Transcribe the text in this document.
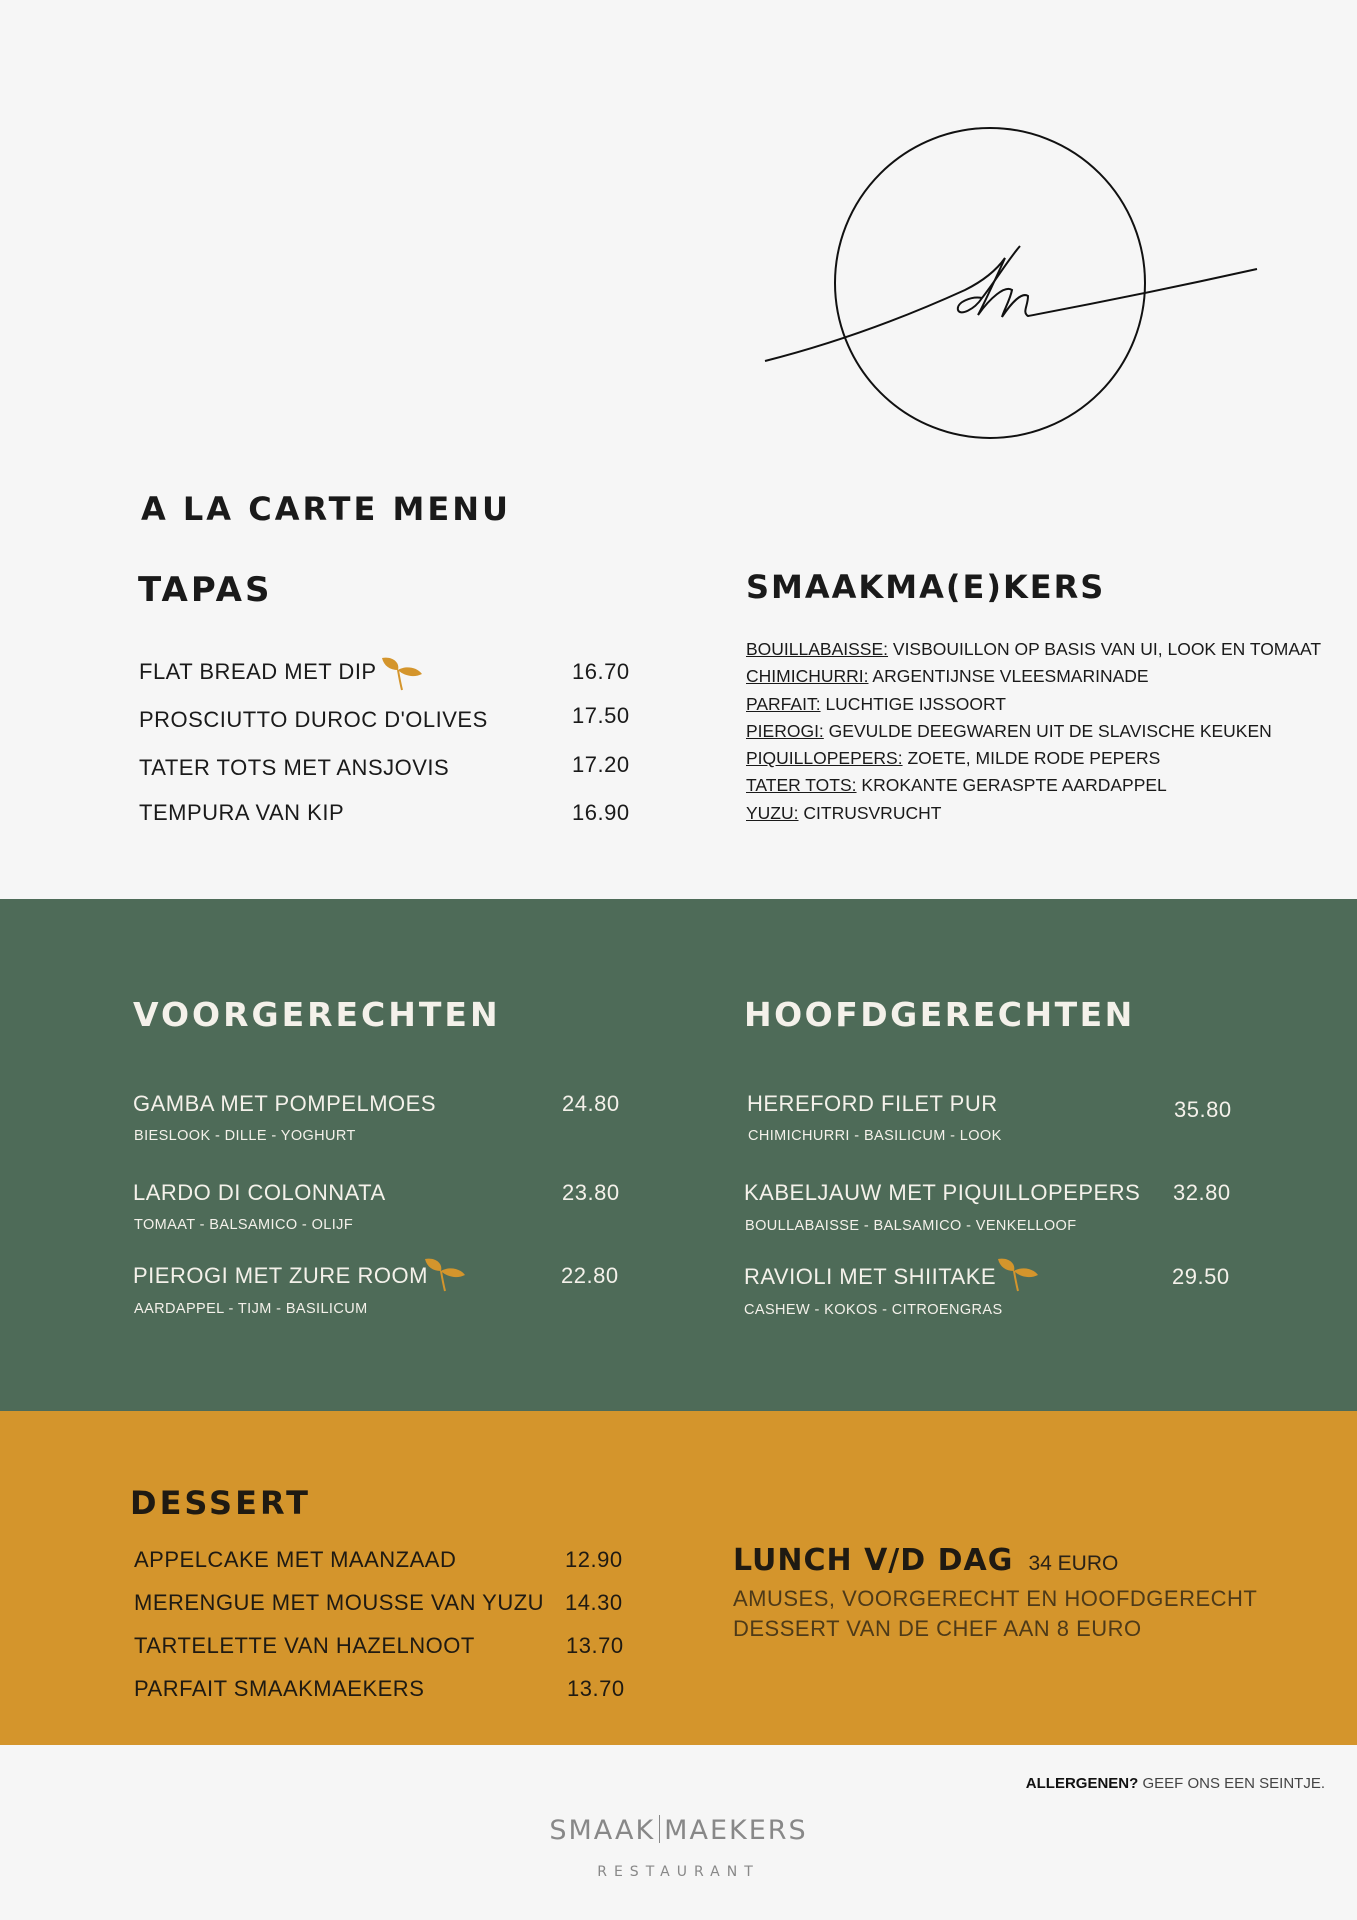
A LA CARTE MENU
TAPAS
FLAT BREAD MET DIP	16.70
PROSCIUTTO DUROC D'OLIVES	17.50
TATER TOTS MET ANSJOVIS	17.20
TEMPURA VAN KIP	16.90
SMAAKMA(E)KERS
BOUILLABAISSE: VISBOUILLON OP BASIS VAN UI, LOOK EN TOMAAT
CHIMICHURRI: ARGENTIJNSE VLEESMARINADE
PARFAIT: LUCHTIGE IJSSOORT
PIEROGI: GEVULDE DEEGWAREN UIT DE SLAVISCHE KEUKEN
PIQUILLOPEPERS: ZOETE, MILDE RODE PEPERS
TATER TOTS: KROKANTE GERASPTE AARDAPPEL
YUZU: CITRUSVRUCHT
VOORGERECHTEN	HOOFDGERECHTEN
GAMBA MET POMPELMOES
BIESLOOK - DILLE - YOGHURT
24.80
LARDO DI COLONNATA
TOMAAT - BALSAMICO - OLIJF
23.80
PIEROGI MET ZURE ROOM
AARDAPPEL - TIJM - BASILICUM
22.80
HEREFORD FILET PUR
CHIMICHURRI - BASILICUM - LOOK
35.80
KABELJAUW MET PIQUILLOPEPERS
BOULLABAISSE - BALSAMICO - VENKELLOOF
32.80
RAVIOLI MET SHIITAKE
CASHEW - KOKOS - CITROENGRAS
29.50
DESSERT
APPELCAKE MET MAANZAAD	12.90
MERENGUE MET MOUSSE VAN YUZU 14.30
TARTELETTE VAN HAZELNOOT	13.70
PARFAIT SMAAKMAEKERS	13.70
LUNCH V/D DAG 34 EURO
AMUSES, VOORGERECHT EN HOOFDGERECHT
DESSERT VAN DE CHEF AAN 8 EURO
ALLERGENEN? GEEF ONS EEN SEINTJE.
SMAAK MAEKERS
RESTAURANT
